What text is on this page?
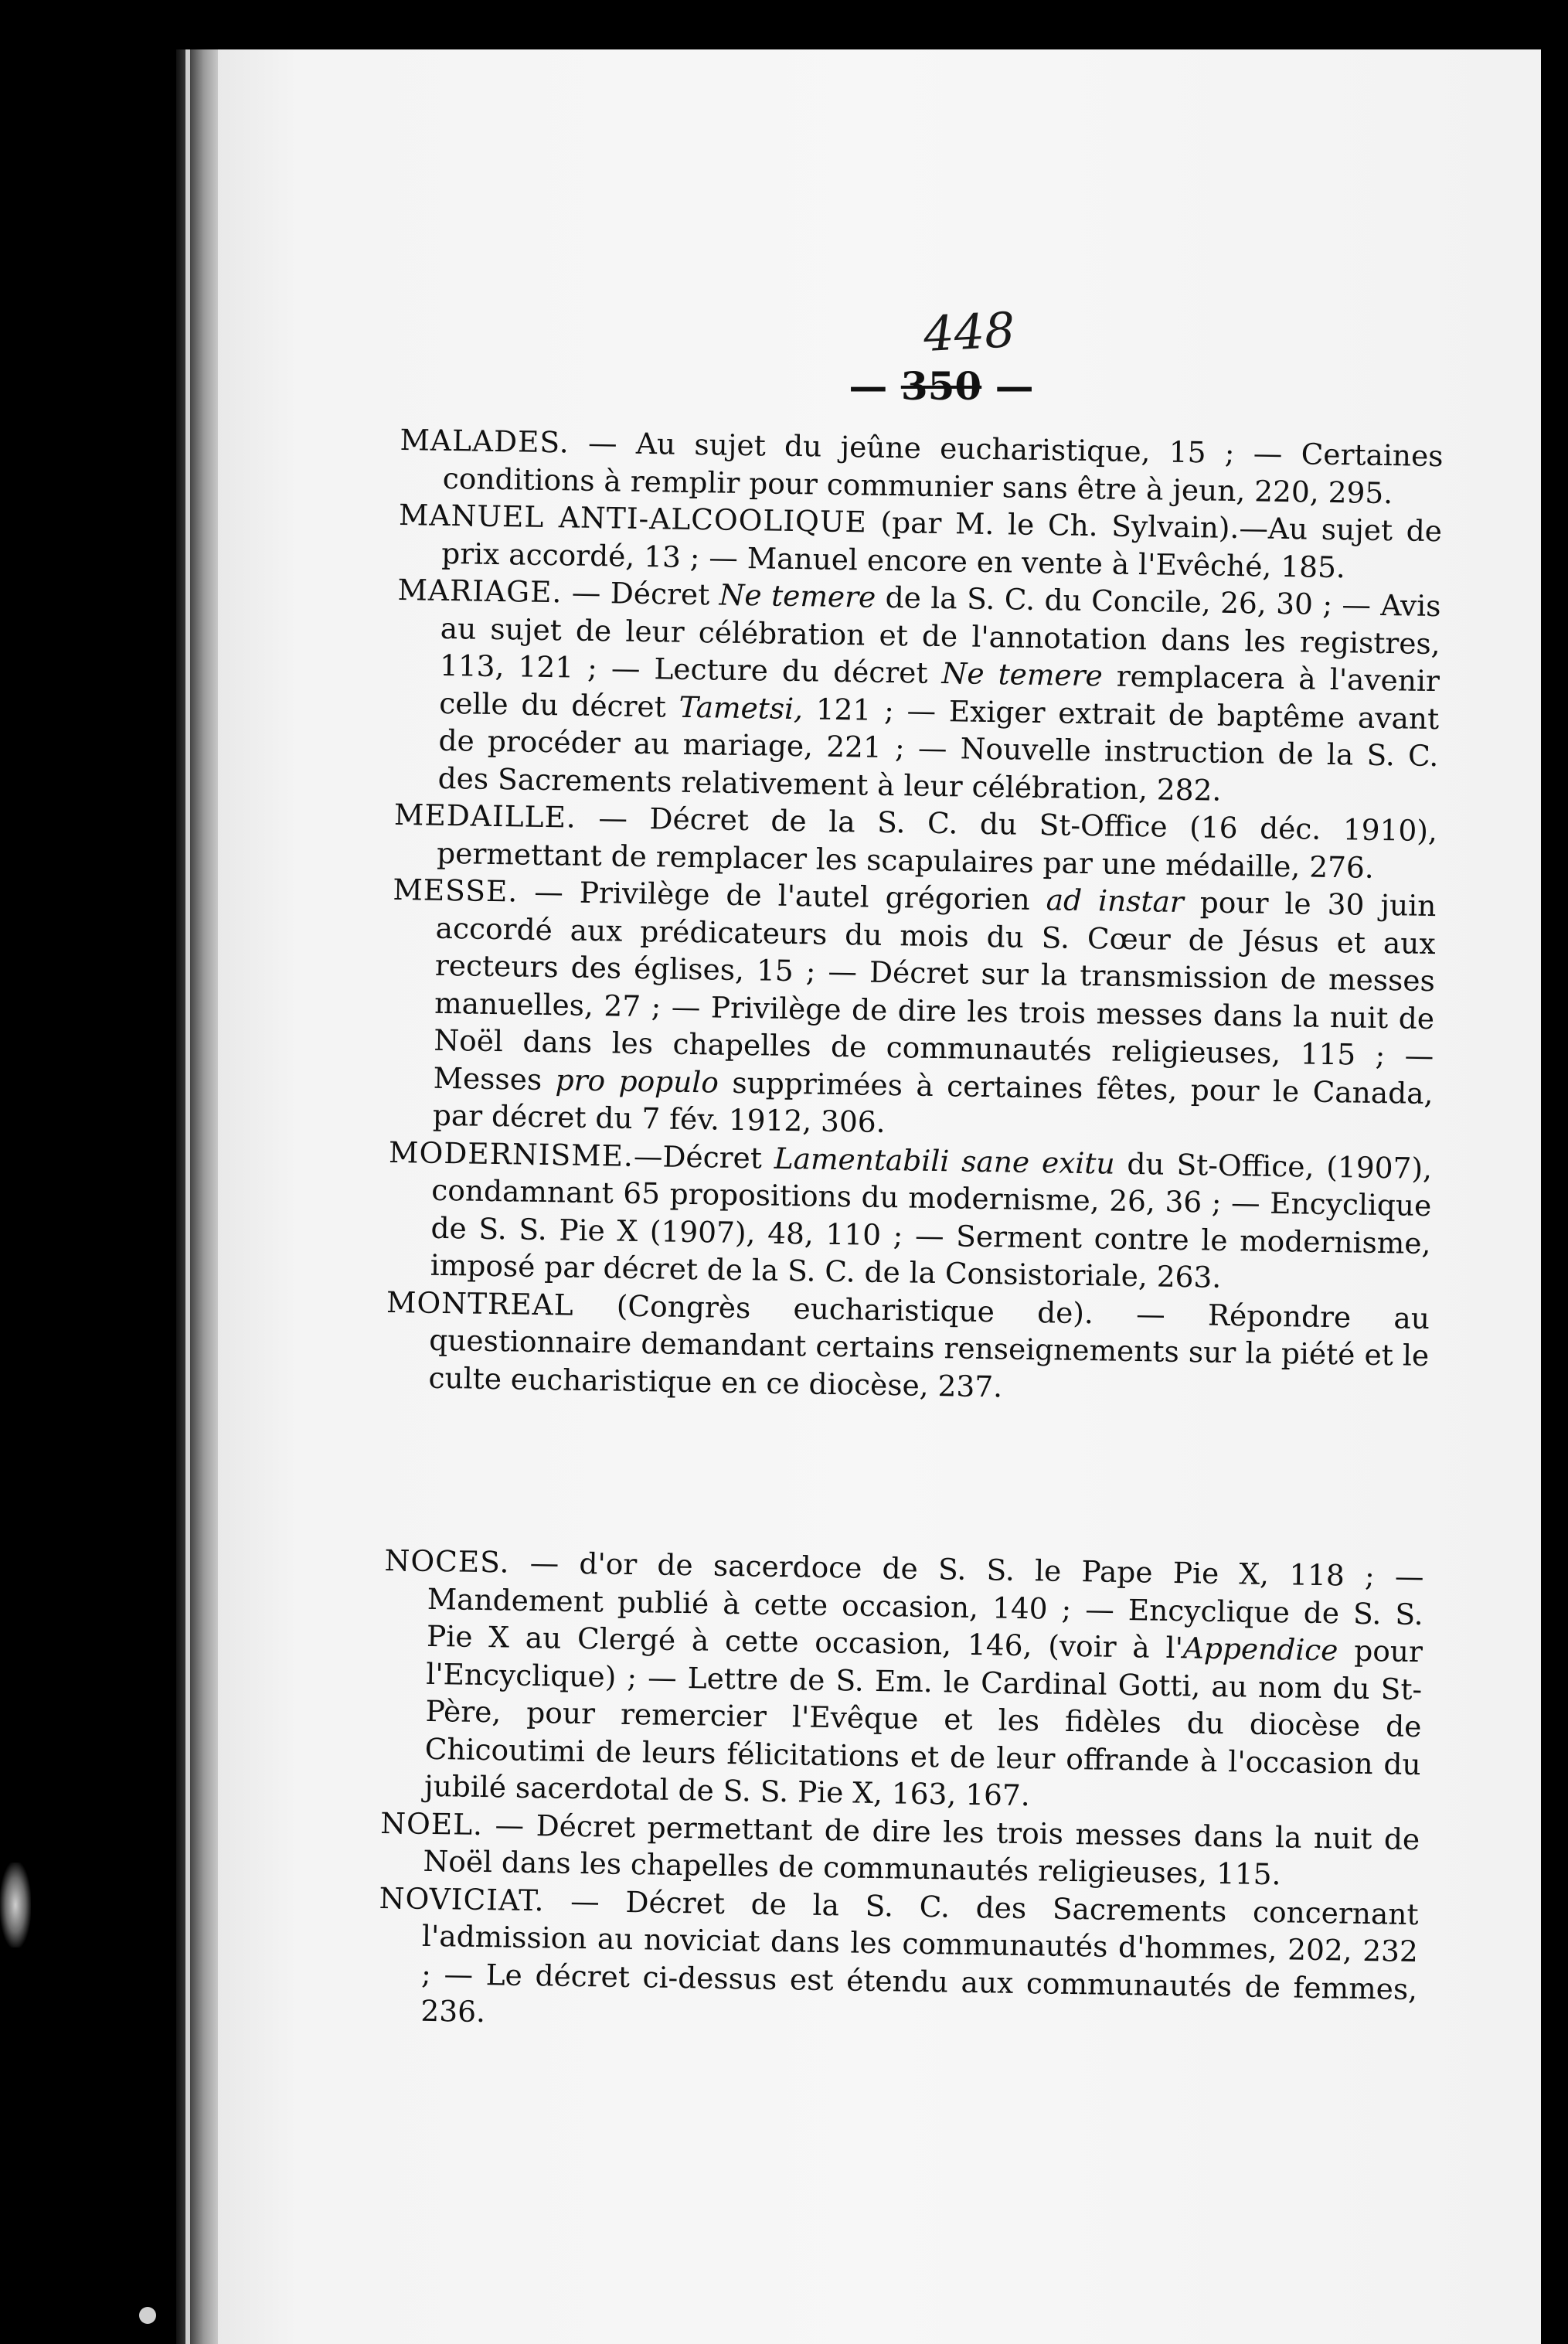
448
— 350 —

MALADES. — Au sujet du jeûne eucharistique, 15 ; — Certaines conditions à remplir pour communier sans être à jeun, 220, 295.

MANUEL ANTI-ALCOOLIQUE (par M. le Ch. Sylvain).—Au sujet de prix accordé, 13 ; — Manuel encore en vente à l'Evêché, 185.

MARIAGE. — Décret Ne temere de la S. C. du Concile, 26, 30 ; — Avis au sujet de leur célébration et de l'annotation dans les registres, 113, 121 ; — Lecture du décret Ne temere remplacera à l'avenir celle du décret Tametsi, 121 ; — Exiger extrait de baptême avant de procéder au mariage, 221 ; — Nouvelle instruction de la S. C. des Sacrements relativement à leur célébration, 282.

MEDAILLE. — Décret de la S. C. du St-Office (16 déc. 1910), permettant de remplacer les scapulaires par une médaille, 276.

MESSE. — Privilège de l'autel grégorien ad instar pour le 30 juin accordé aux prédicateurs du mois du S. Cœur de Jésus et aux recteurs des églises, 15 ; — Décret sur la transmission de messes manuelles, 27 ; — Privilège de dire les trois messes dans la nuit de Noël dans les chapelles de communautés religieuses, 115 ; — Messes pro populo supprimées à certaines fêtes, pour le Canada, par décret du 7 fév. 1912, 306.

MODERNISME.—Décret Lamentabili sane exitu du St-Office, (1907), condamnant 65 propositions du modernisme, 26, 36 ; — Encyclique de S. S. Pie X (1907), 48, 110 ; — Serment contre le modernisme, imposé par décret de la S. C. de la Consistoriale, 263.

MONTREAL (Congrès eucharistique de). — Répondre au questionnaire demandant certains renseignements sur la piété et le culte eucharistique en ce diocèse, 237.

NOCES. — d'or de sacerdoce de S. S. le Pape Pie X, 118 ; — Mandement publié à cette occasion, 140 ; — Encyclique de S. S. Pie X au Clergé à cette occasion, 146, (voir à l'Appendice pour l'Encyclique) ; — Lettre de S. Em. le Cardinal Gotti, au nom du St-Père, pour remercier l'Evêque et les fidèles du diocèse de Chicoutimi de leurs félicitations et de leur offrande à l'occasion du jubilé sacerdotal de S. S. Pie X, 163, 167.

NOEL. — Décret permettant de dire les trois messes dans la nuit de Noël dans les chapelles de communautés religieuses, 115.

NOVICIAT. — Décret de la S. C. des Sacrements concernant l'admission au noviciat dans les communautés d'hommes, 202, 232 ; — Le décret ci-dessus est étendu aux communautés de femmes, 236.
